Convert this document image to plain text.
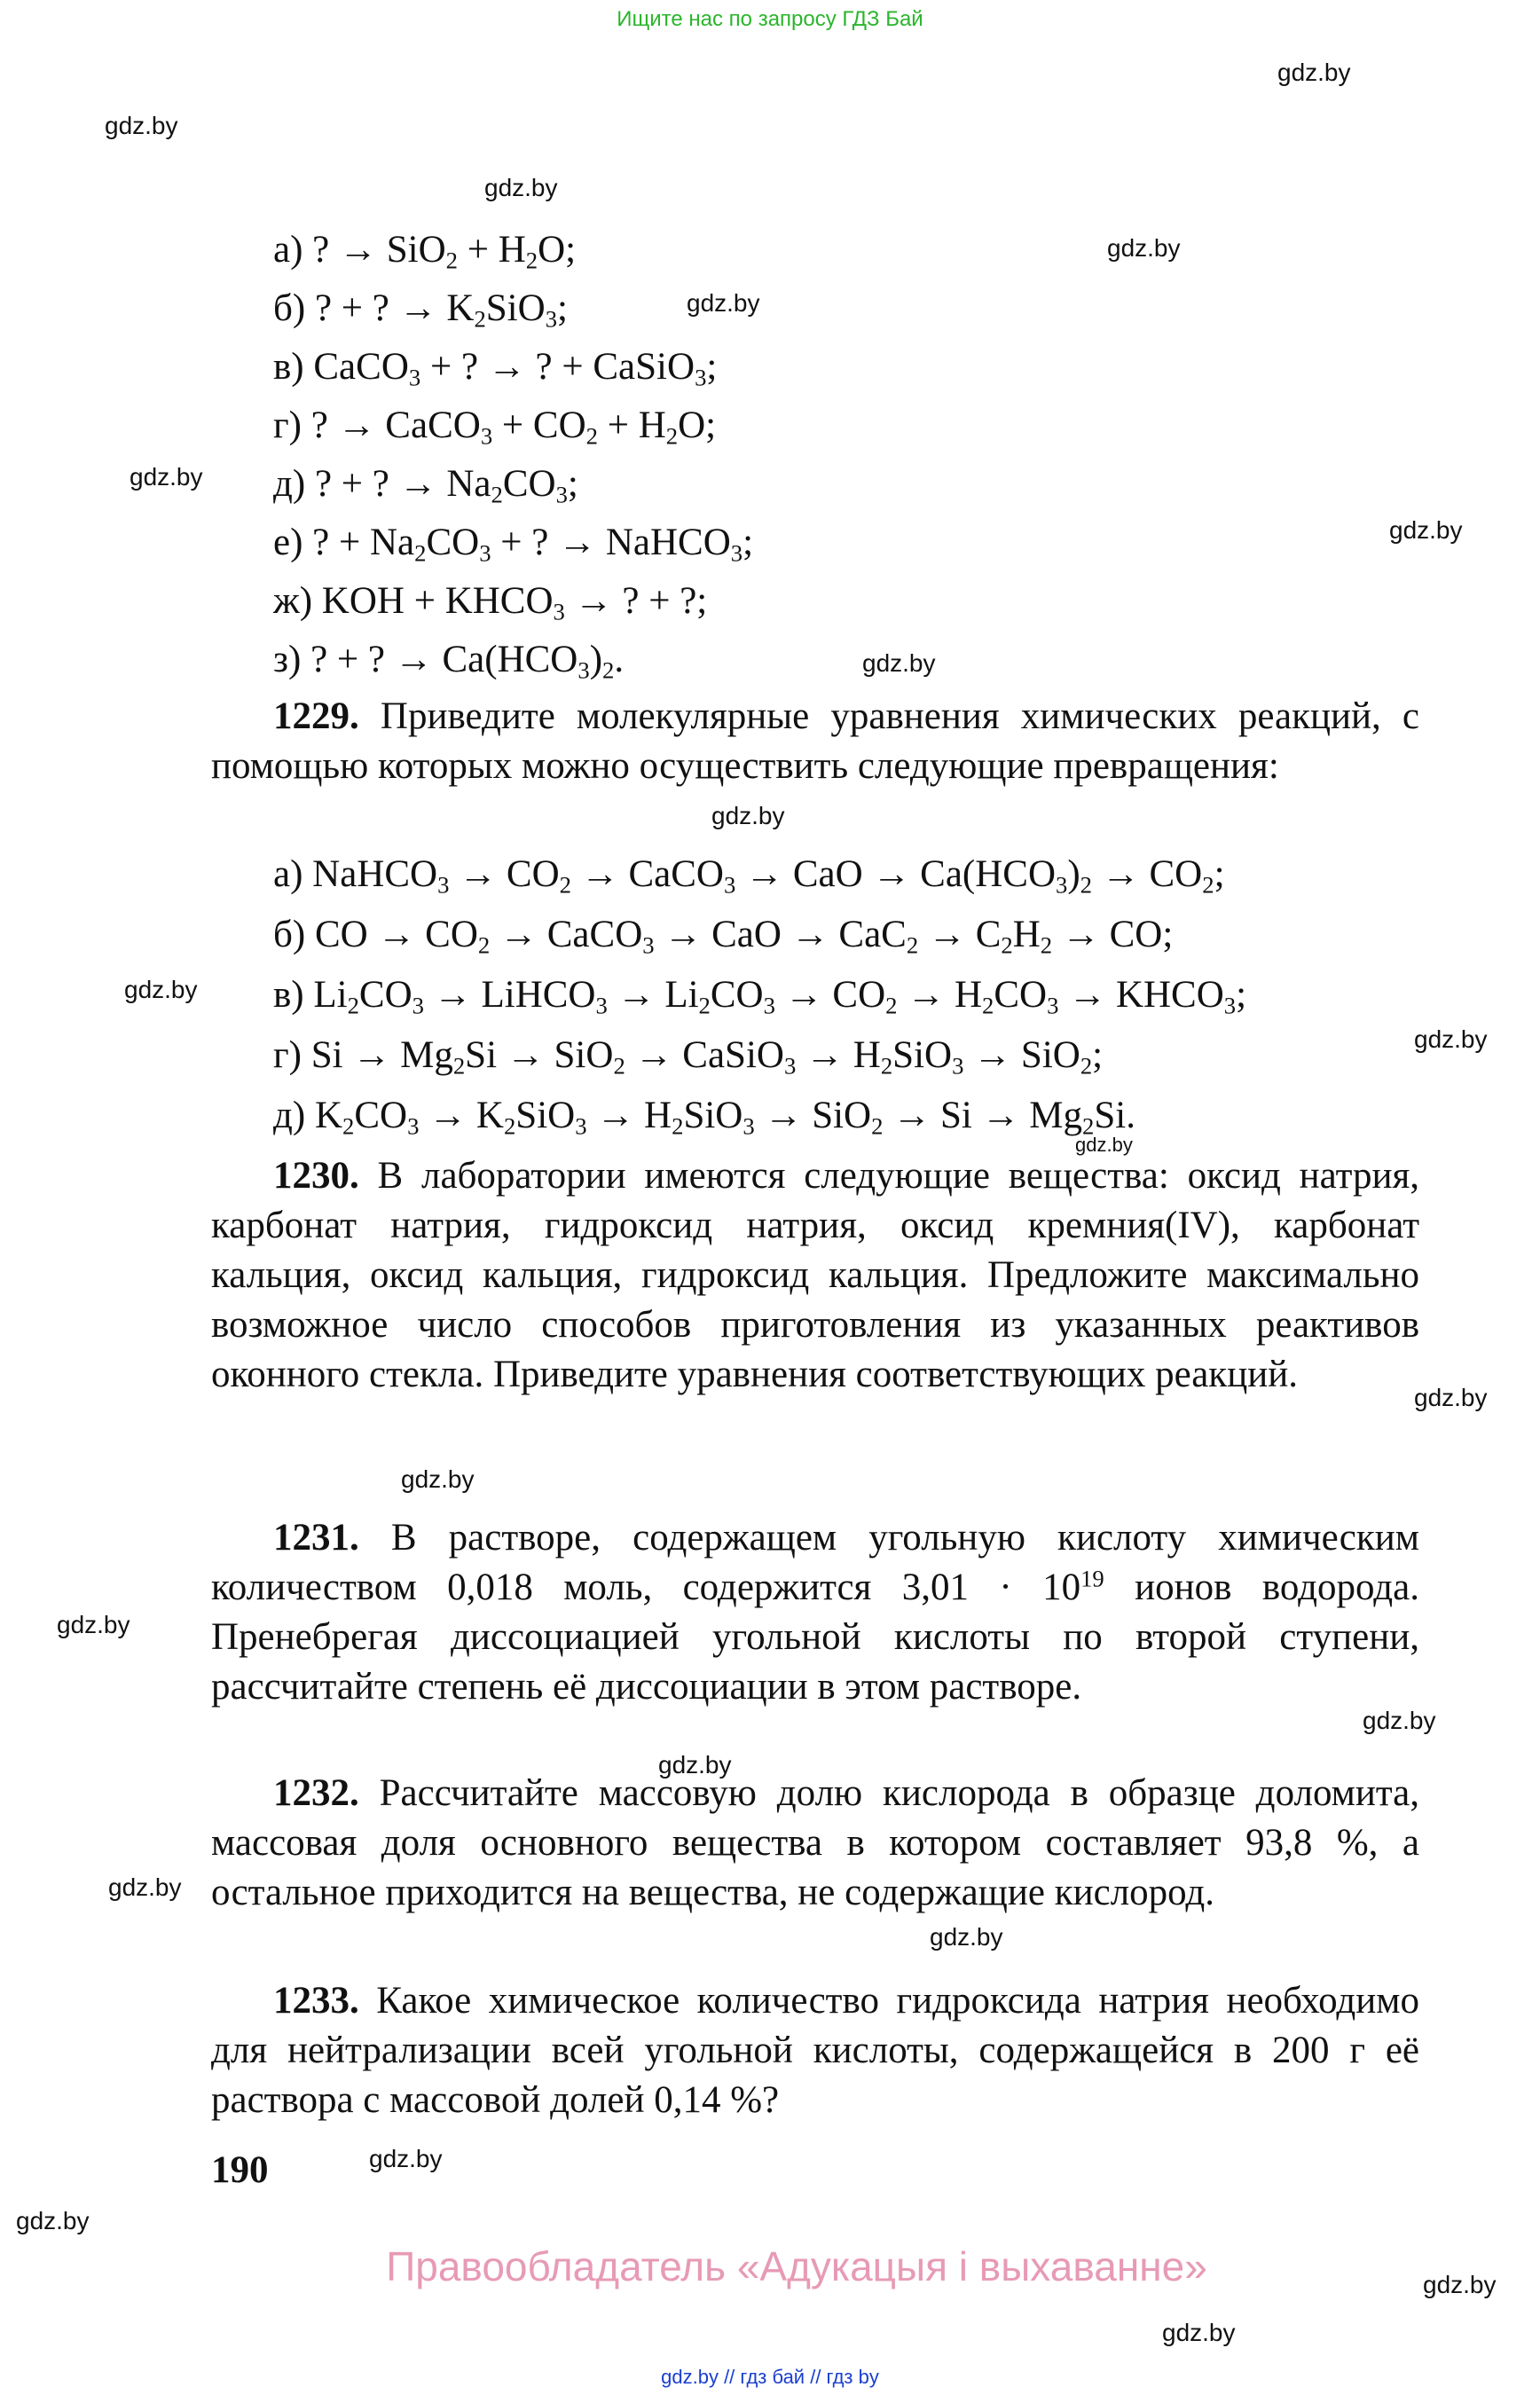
Ищите нас по запросу ГДЗ Бай
gdz.by
gdz.by
gdz.by
gdz.by
gdz.by
gdz.by
gdz.by
gdz.by
gdz.by
gdz.by
gdz.by
gdz.by
gdz.by
gdz.by
gdz.by
gdz.by
gdz.by
gdz.by
gdz.by
gdz.by
gdz.by
gdz.by
gdz.by
а) ? → $SiO_2 + H_2O$;
б) ? + ? → $K_2SiO_3$;
в) CaCO$_3$ + ? → ? + CaSiO$_3$;
г) ? → CaCO$_3$ + $CO_2 + H_2O$;
д) ? + ? → $Na_2CO_3$;
е) ? + $Na_2CO_3$ + ? → NaHCO$_3$;
ж) KOH + $KHCO_3$ → ? + ?;
з) ? + ? → $Ca(HCO_3)_2$.
1229. Приведите молекулярные уравнения химических реакций, с помощью которых можно осуществить следующие превращения:
а) NaHCO$_3$ → $CO_2$ → CaCO$_3$ → CaO → $Ca(HCO_3)_2 \to CO_2$;
б) CO → $CO_2$ → CaCO$_3$ → CaO → $CaC_2 \to C_2H_2$ → CO;
в) $Li_2CO_3$ → LiHCO$_3$ → $Li_2CO_3 \to CO_2 \to H_2CO_3$ → $KHCO_3$;
г) $Si \to Mg_2Si \to SiO_2$ → CaSiO$_3$ → $H_2SiO_3 \to SiO_2$;
д) $K_2CO_3 \to K_2SiO_3 \to H_2SiO_3 \to SiO_2 \to Si \to Mg_2Si$.
1230. В лаборатории имеются следующие вещества: оксид натрия, карбонат натрия, гидроксид натрия, оксид кремния(IV), карбонат кальция, оксид кальция, гидроксид кальция. Предложите максимально возможное число способов приготовления из указанных реактивов оконного стекла. Приведите уравнения соответствующих реакций.
1231. В растворе, содержащем угольную кислоту химическим количеством 0,018 моль, содержится $3,01 \cdot 10^{19}$ ионов водорода. Пренебрегая диссоциацией угольной кислоты по второй ступени, рассчитайте степень её диссоциации в этом растворе.
1232. Рассчитайте массовую долю кислорода в образце доломита, массовая доля основного вещества в котором составляет 93,8 %, а остальное приходится на вещества, не содержащие кислород.
1233. Какое химическое количество гидроксида натрия необходимо для нейтрализации всей угольной кислоты, содержащейся в 200 г её раствора с массовой долей 0,14 %?
190
Правообладатель «Адукацыя і выхаванне»
gdz.by // гдз бай // гдз by
